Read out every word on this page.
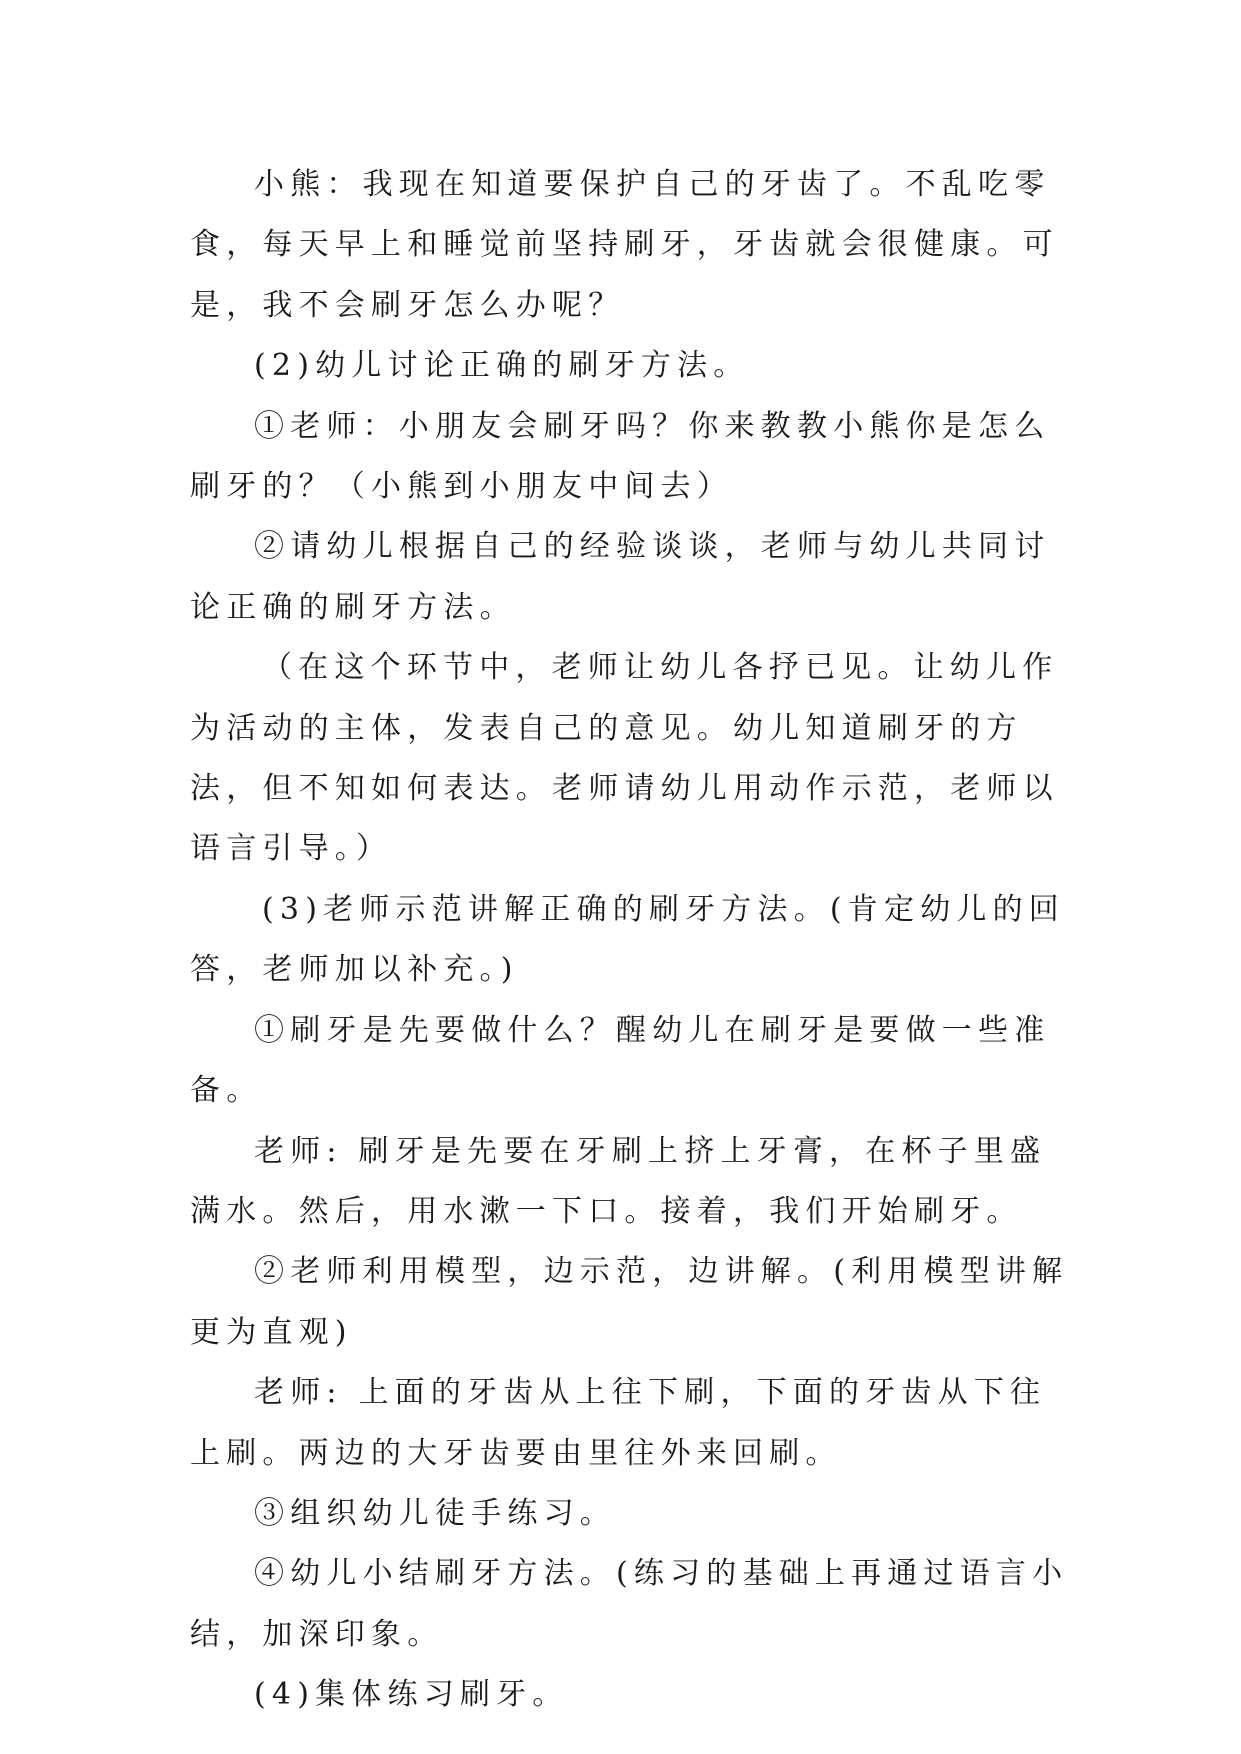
小熊：我现在知道要保护自己的牙齿了。不乱吃零食，每天早上和睡觉前坚持刷牙，牙齿就会很健康。可是，我不会刷牙怎么办呢？

(2)幼儿讨论正确的刷牙方法。

①老师：小朋友会刷牙吗？你来教教小熊你是怎么刷牙的？（小熊到小朋友中间去）

②请幼儿根据自己的经验谈谈，老师与幼儿共同讨论正确的刷牙方法。

（在这个环节中，老师让幼儿各抒已见。让幼儿作为活动的主体，发表自己的意见。幼儿知道刷牙的方法，但不知如何表达。老师请幼儿用动作示范，老师以语言引导。）

(3)老师示范讲解正确的刷牙方法。(肯定幼儿的回答，老师加以补充。)

①刷牙是先要做什么？醒幼儿在刷牙是要做一些准备。

老师: 刷牙是先要在牙刷上挤上牙膏，在杯子里盛满水。然后，用水漱一下口。接着，我们开始刷牙。

②老师利用模型，边示范，边讲解。(利用模型讲解更为直观)

老师: 上面的牙齿从上往下刷，下面的牙齿从下往上刷。两边的大牙齿要由里往外来回刷。

③组织幼儿徒手练习。

④幼儿小结刷牙方法。(练习的基础上再通过语言小结，加深印象。

(4)集体练习刷牙。
